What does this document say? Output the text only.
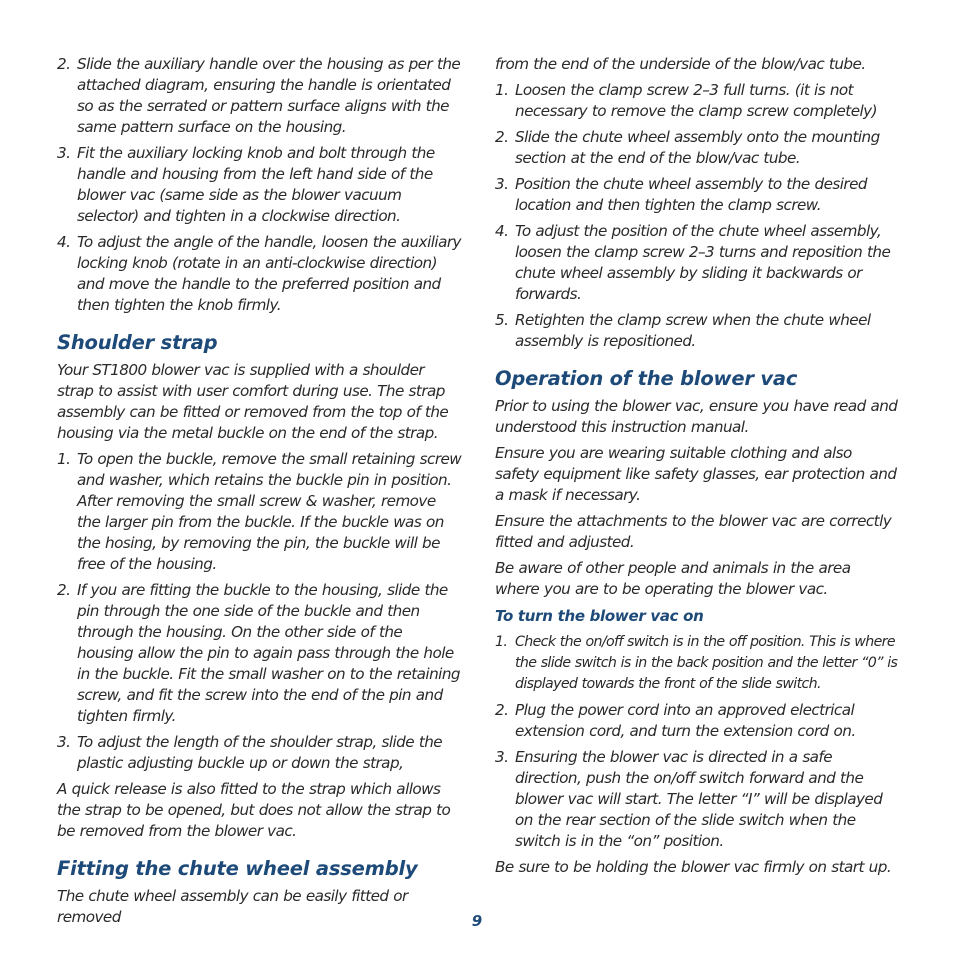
2. Slide the auxiliary handle over the housing as per the attached diagram, ensuring the handle is orientated so as the serrated or pattern surface aligns with the same pattern surface on the housing.
3. Fit the auxiliary locking knob and bolt through the handle and housing from the left hand side of the blower vac (same side as the blower vacuum selector) and tighten in a clockwise direction.
4. To adjust the angle of the handle, loosen the auxiliary locking knob (rotate in an anti-clockwise direction) and move the handle to the preferred position and then tighten the knob firmly.
Shoulder strap
Your ST1800 blower vac is supplied with a shoulder strap to assist with user comfort during use. The strap assembly can be fitted or removed from the top of the housing via the metal buckle on the end of the strap.
1. To open the buckle, remove the small retaining screw and washer, which retains the buckle pin in position. After removing the small screw & washer, remove the larger pin from the buckle. If the buckle was on the hosing, by removing the pin, the buckle will be free of the housing.
2. If you are fitting the buckle to the housing, slide the pin through the one side of the buckle and then through the housing. On the other side of the housing allow the pin to again pass through the hole in the buckle. Fit the small washer on to the retaining screw, and fit the screw into the end of the pin and tighten firmly.
3. To adjust the length of the shoulder strap, slide the plastic adjusting buckle up or down the strap,
A quick release is also fitted to the strap which allows the strap to be opened, but does not allow the strap to be removed from the blower vac.
Fitting the chute wheel assembly
The chute wheel assembly can be easily fitted or removed
from the end of the underside of the blow/vac tube.
1. Loosen the clamp screw 2–3 full turns. (it is not necessary to remove the clamp screw completely)
2. Slide the chute wheel assembly onto the mounting section at the end of the blow/vac tube.
3. Position the chute wheel assembly to the desired location and then tighten the clamp screw.
4. To adjust the position of the chute wheel assembly, loosen the clamp screw 2–3 turns and reposition the chute wheel assembly by sliding it backwards or forwards.
5. Retighten the clamp screw when the chute wheel assembly is repositioned.
Operation of the blower vac
Prior to using the blower vac, ensure you have read and understood this instruction manual.
Ensure you are wearing suitable clothing and also safety equipment like safety glasses, ear protection and a mask if necessary.
Ensure the attachments to the blower vac are correctly fitted and adjusted.
Be aware of other people and animals in the area where you are to be operating the blower vac.
To turn the blower vac on
1. Check the on/off switch is in the off position. This is where the slide switch is in the back position and the letter “0” is displayed towards the front of the slide switch.
2. Plug the power cord into an approved electrical extension cord, and turn the extension cord on.
3. Ensuring the blower vac is directed in a safe direction, push the on/off switch forward and the blower vac will start. The letter “I” will be displayed on the rear section of the slide switch when the switch is in the “on” position.
Be sure to be holding the blower vac firmly on start up.
9
